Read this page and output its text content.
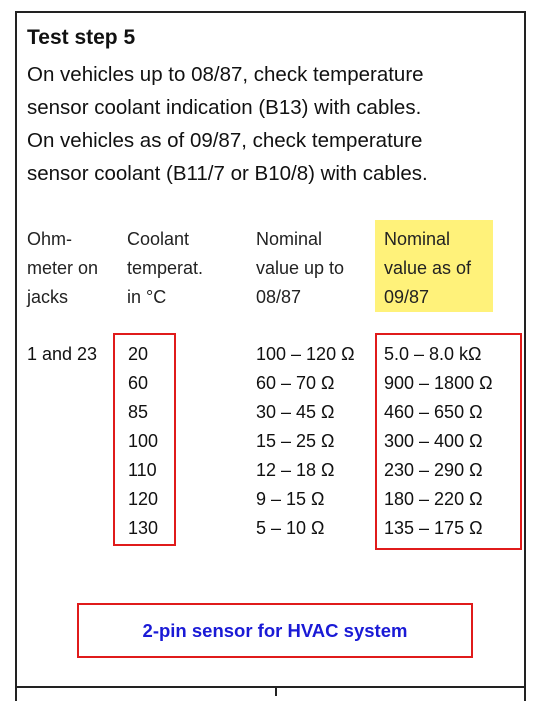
Test step 5

On vehicles up to 08/87, check temperature
sensor coolant indication (B13) with cables.
On vehicles as of 09/87, check temperature
sensor coolant (B11/7 or B10/8) with cables.

Ohm-
meter on
jacks
Coolant
temperat.
in °C
Nominal
value up to
08/87
Nominal
value as of
09/87
1 and 23 20
60
85
100
110
120
130
100 – 120 Ω
60 – 70 Ω
30 – 45 Ω
15 – 25 Ω
12 – 18 Ω
9 – 15 Ω
5 – 10 Ω
5.0 – 8.0 kΩ
900 – 1800 Ω
460 – 650 Ω
300 – 400 Ω
230 – 290 Ω
180 – 220 Ω
135 – 175 Ω
2-pin sensor for HVAC system
